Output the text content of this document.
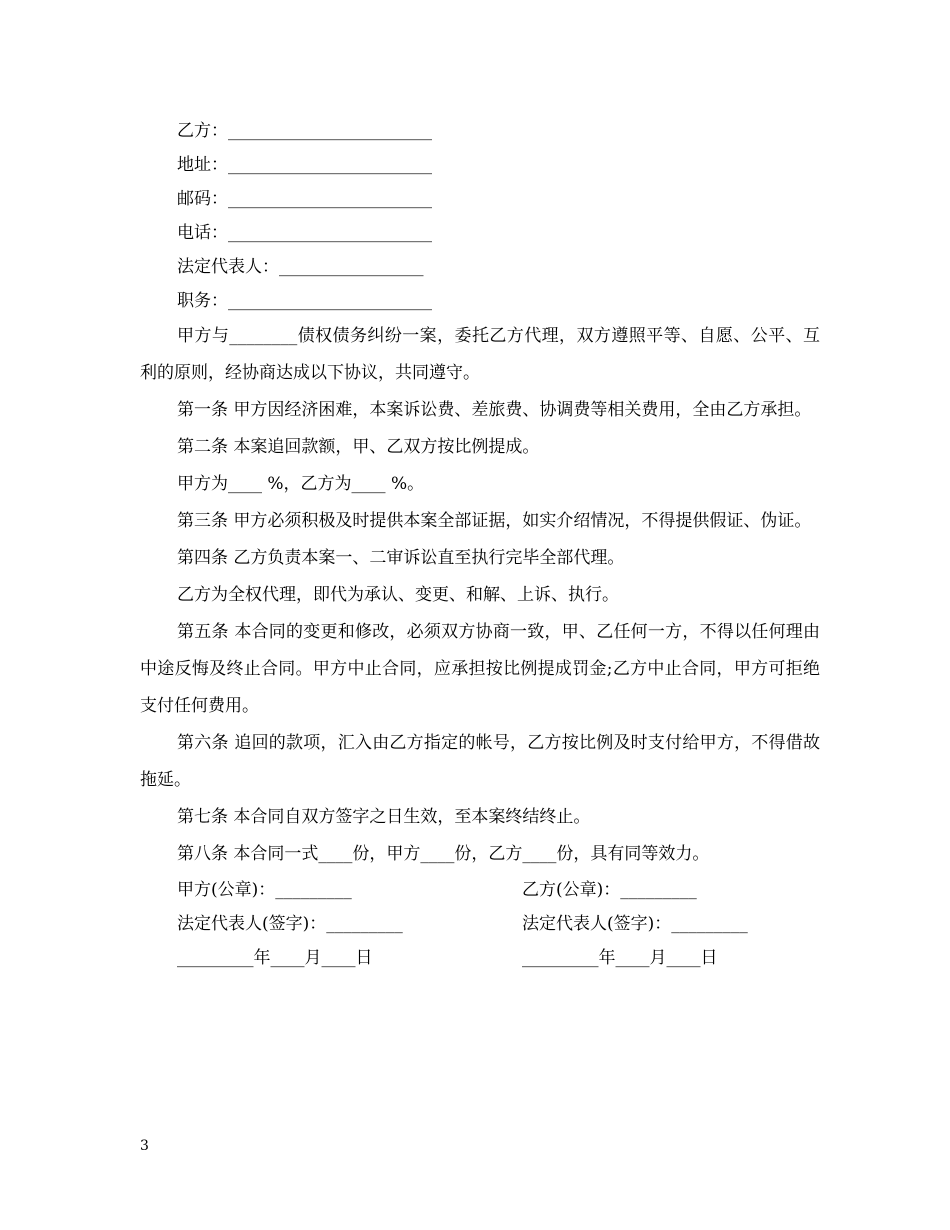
乙方：________________________
地址：________________________
邮码：________________________
电话：________________________
法定代表人：_________________
职务：________________________

甲方与________债权债务纠纷一案，委托乙方代理，双方遵照平等、自愿、公平、互利的原则，经协商达成以下协议，共同遵守。

第一条 甲方因经济困难，本案诉讼费、差旅费、协调费等相关费用，全由乙方承担。

第二条 本案追回款额，甲、乙双方按比例提成。

甲方为____ %，乙方为____ %。

第三条 甲方必须积极及时提供本案全部证据，如实介绍情况，不得提供假证、伪证。

第四条 乙方负责本案一、二审诉讼直至执行完毕全部代理。

乙方为全权代理，即代为承认、变更、和解、上诉、执行。

第五条 本合同的变更和修改，必须双方协商一致，甲、乙任何一方，不得以任何理由中途反悔及终止合同。甲方中止合同，应承担按比例提成罚金;乙方中止合同，甲方可拒绝支付任何费用。

第六条 追回的款项，汇入由乙方指定的帐号，乙方按比例及时支付给甲方，不得借故拖延。

第七条 本合同自双方签字之日生效，至本案终结终止。

第八条 本合同一式____份，甲方____份，乙方____份，具有同等效力。

甲方(公章)：_________	乙方(公章)：_________
法定代表人(签字)：_________	法定代表人(签字)：_________
_________年____月____日	_________年____月____日
3
